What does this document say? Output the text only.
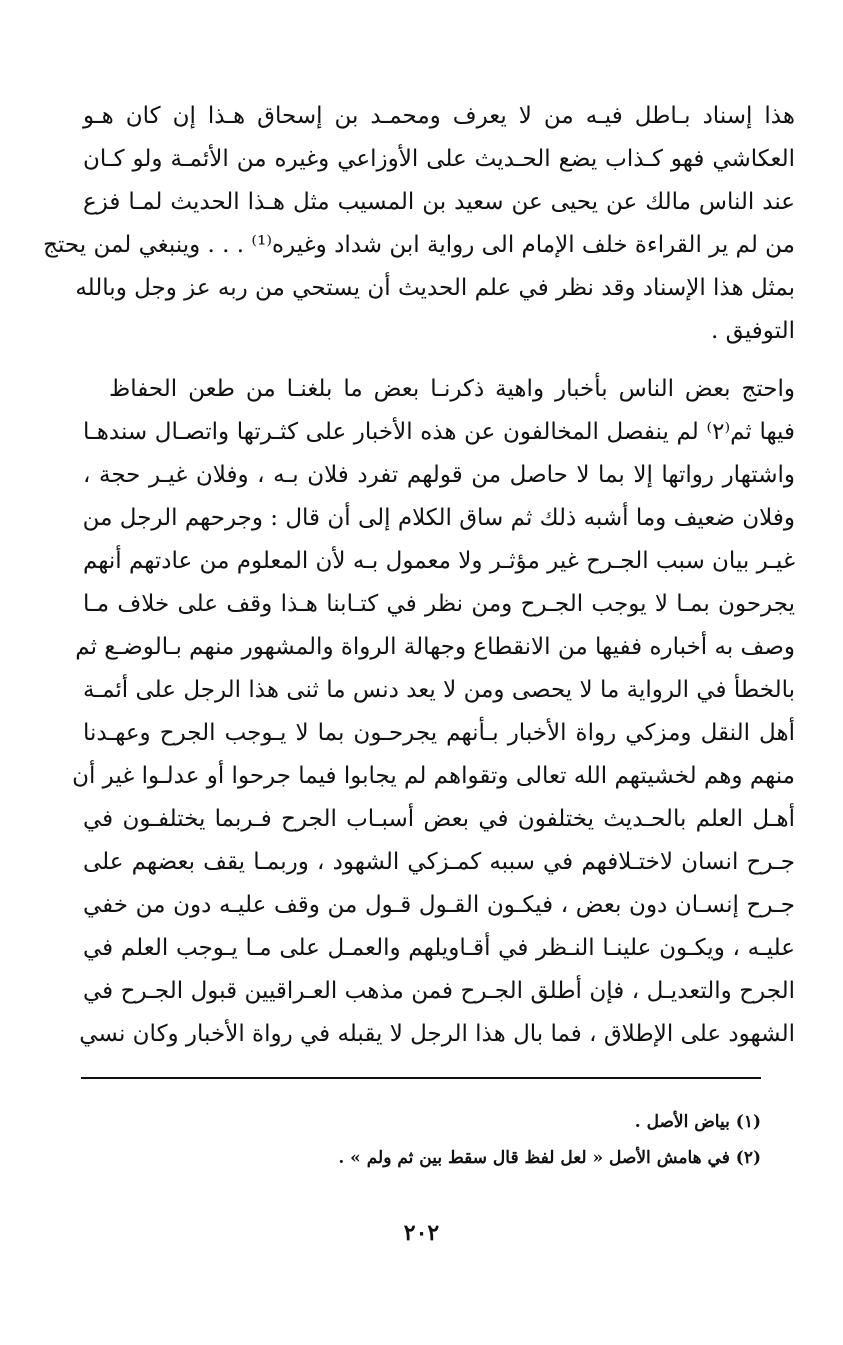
هذا إسناد بـاطل فيـه من لا يعرف ومحمـد بن إسحاق هـذا إن كان هـو
العكاشي فهو كـذاب يضع الحـديث على الأوزاعي وغيره من الأئمـة ولو كـان
عند الناس مالك عن يحيى عن سعيد بن المسيب مثل هـذا الحديث لمـا فزع
من لم ير القراءة خلف الإمام الى رواية ابن شداد وغيره⁽¹⁾ . . . وينبغي لمن يحتج
بمثل هذا الإسناد وقد نظر في علم الحديث أن يستحي من ربه عز وجل وبالله
التوفيق .
واحتج بعض الناس بأخبار واهية ذكرنـا بعض ما بلغنـا من طعن الحفاظ
فيها ثم⁽٢⁾ لم ينفصل المخالفون عن هذه الأخبار على كثـرتها واتصـال سندهـا
واشتهار رواتها إلا بما لا حاصل من قولهم تفرد فلان بـه ، وفلان غيـر حجة ،
وفلان ضعيف وما أشبه ذلك ثم ساق الكلام إلى أن قال : وجرحهم الرجل من
غيـر بيان سبب الجـرح غير مؤثـر ولا معمول بـه لأن المعلوم من عادتهم أنهم
يجرحون بمـا لا يوجب الجـرح ومن نظر في كتـابنا هـذا وقف على خلاف مـا
وصف به أخباره ففيها من الانقطاع وجهالة الرواة والمشهور منهم بـالوضـع ثم
بالخطأ في الرواية ما لا يحصى ومن لا يعد دنس ما ثنى هذا الرجل على أئمـة
أهل النقل ومزكي رواة الأخبار بـأنهم يجرحـون بما لا يـوجب الجرح وعهـدنا
منهم وهم لخشيتهم الله تعالى وتقواهم لم يجابوا فيما جرحوا أو عدلـوا غير أن
أهـل العلم بالحـديث يختلفون في بعض أسبـاب الجرح فـربما يختلفـون في
جـرح انسان لاختـلافهم في سببه كمـزكي الشهود ، وربمـا يقف بعضهم على
جـرح إنسـان دون بعض ، فيكـون القـول قـول من وقف عليـه دون من خفي
عليـه ، ويكـون علينـا النـظر في أقـاويلهم والعمـل على مـا يـوجب العلم في
الجرح والتعديـل ، فإن أطلق الجـرح فمن مذهب العـراقيين قبول الجـرح في
الشهود على الإطلاق ، فما بال هذا الرجل لا يقبله في رواة الأخبار وكان نسي
(١) بياض الأصل .
(٢) في هامش الأصل « لعل لفظ قال سقط بين ثم ولم » .
٢٠٢
